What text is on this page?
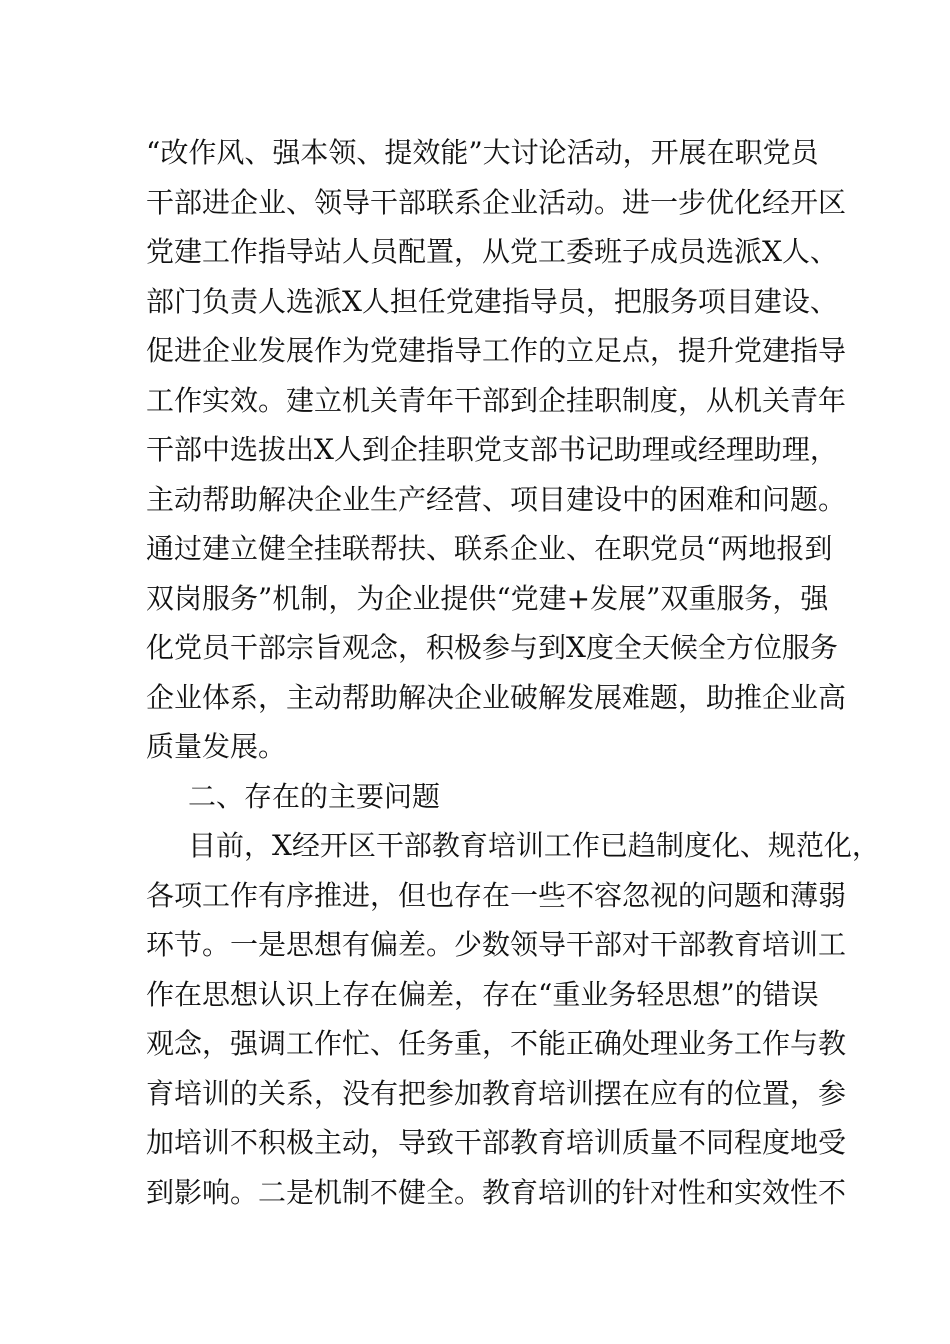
“改作风、强本领、提效能”大讨论活动，开展在职党员
干部进企业、领导干部联系企业活动。进一步优化经开区
党建工作指导站人员配置，从党工委班子成员选派X人、
部门负责人选派X人担任党建指导员，把服务项目建设、
促进企业发展作为党建指导工作的立足点，提升党建指导
工作实效。建立机关青年干部到企挂职制度，从机关青年
干部中选拔出X人到企挂职党支部书记助理或经理助理，
主动帮助解决企业生产经营、项目建设中的困难和问题。
通过建立健全挂联帮扶、联系企业、在职党员“两地报到
双岗服务”机制，为企业提供“党建+发展”双重服务，强
化党员干部宗旨观念，积极参与到X度全天候全方位服务
企业体系，主动帮助解决企业破解发展难题，助推企业高
质量发展。
二、存在的主要问题
目前，X经开区干部教育培训工作已趋制度化、规范化，
各项工作有序推进，但也存在一些不容忽视的问题和薄弱
环节。一是思想有偏差。少数领导干部对干部教育培训工
作在思想认识上存在偏差，存在“重业务轻思想”的错误
观念，强调工作忙、任务重，不能正确处理业务工作与教
育培训的关系，没有把参加教育培训摆在应有的位置，参
加培训不积极主动，导致干部教育培训质量不同程度地受
到影响。二是机制不健全。教育培训的针对性和实效性不
